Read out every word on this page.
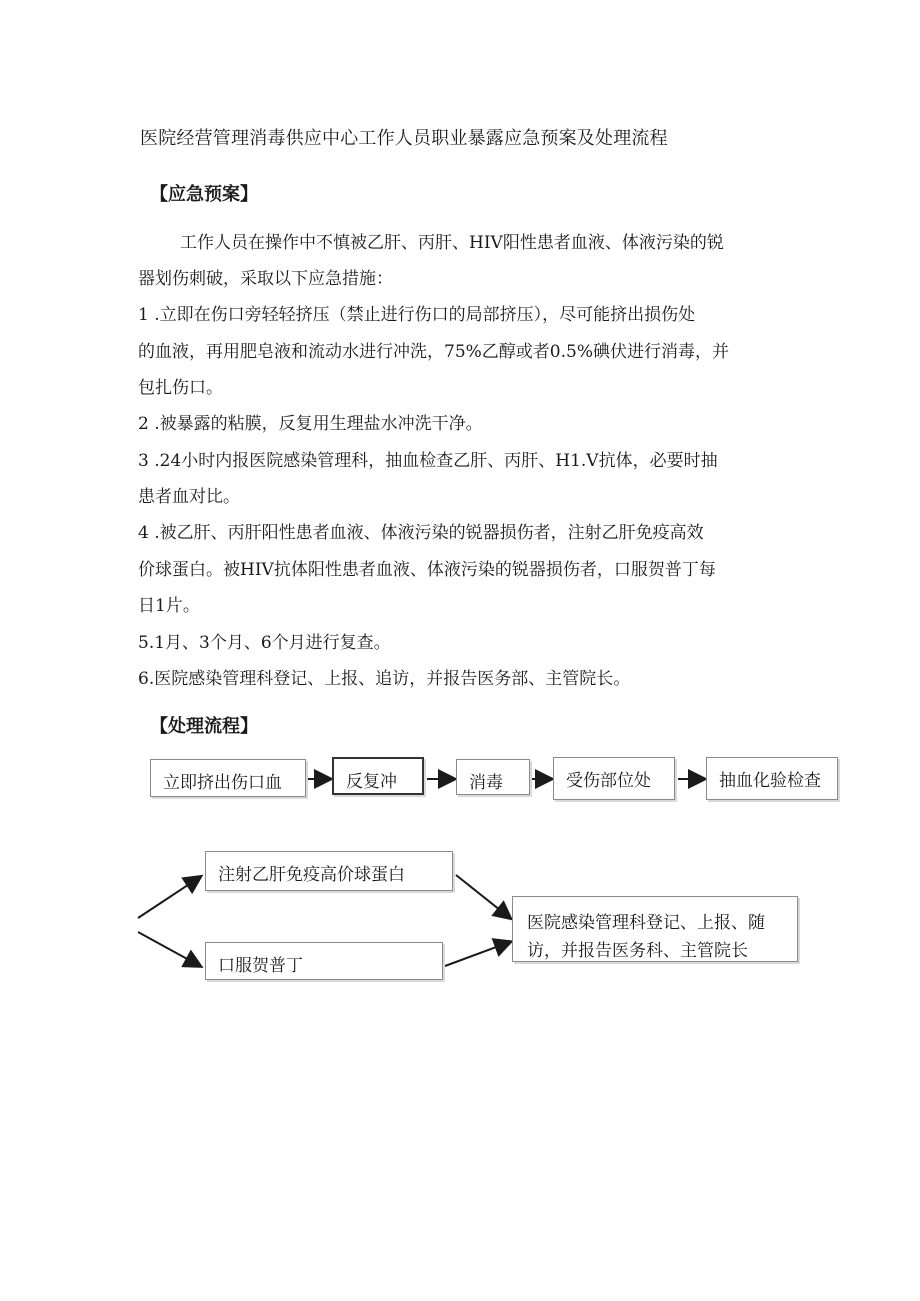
医院经营管理消毒供应中心工作人员职业暴露应急预案及处理流程
【应急预案】
工作人员在操作中不慎被乙肝、丙肝、HIV阳性患者血液、体液污染的锐
器划伤刺破，采取以下应急措施：
1 .立即在伤口旁轻轻挤压（禁止进行伤口的局部挤压），尽可能挤出损伤处
的血液，再用肥皂液和流动水进行冲洗，75%乙醇或者0.5%碘伏进行消毒，并
包扎伤口。
2 .被暴露的粘膜，反复用生理盐水冲洗干净。
3 .24小时内报医院感染管理科，抽血检查乙肝、丙肝、H1.V抗体，必要时抽
患者血对比。
4 .被乙肝、丙肝阳性患者血液、体液污染的锐器损伤者，注射乙肝免疫高效
价球蛋白。被HIV抗体阳性患者血液、体液污染的锐器损伤者，口服贺普丁每
日1片。
5.1月、3个月、6个月进行复查。
6.医院感染管理科登记、上报、追访，并报告医务部、主管院长。
【处理流程】
立即挤出伤口血	反复冲	消毒	受伤部位处	抽血化验检查
注射乙肝免疫高价球蛋白
口服贺普丁
医院感染管理科登记、上报、随访，并报告医务科、主管院长
